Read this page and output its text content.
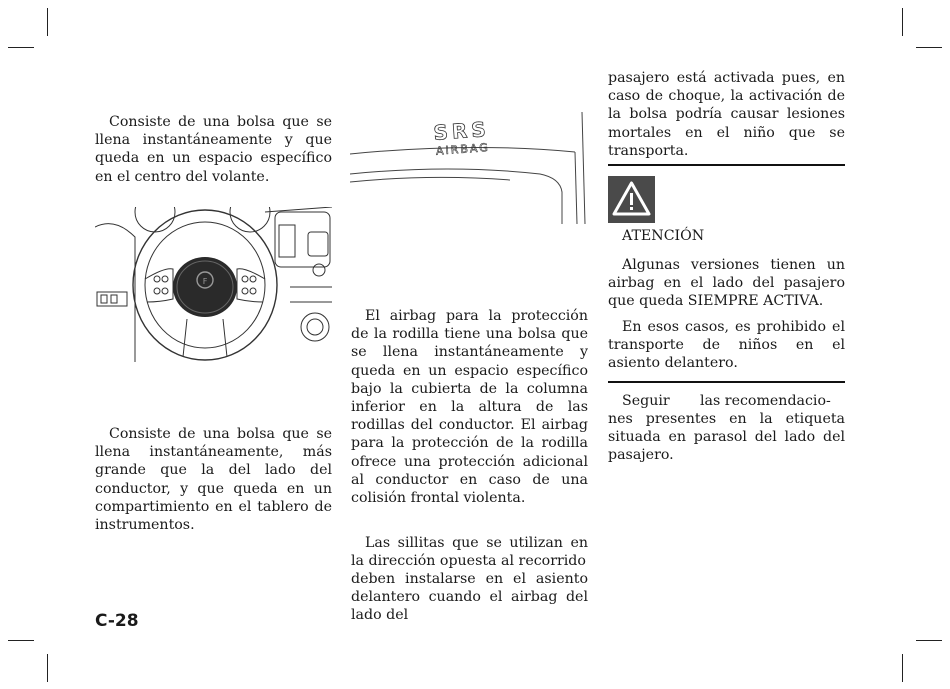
Consiste de una bolsa que se llena instantáneamente y que queda en un espacio específico en el centro del volante.

F

Consiste de una bolsa que se llena instantáneamente, más grande que la del lado del conductor, y que queda en un compartimiento en el tablero de instrumentos.

SRS
AIRBAG

El airbag para la protección de la rodilla tiene una bolsa que se llena instantáneamente y queda en un espacio específico bajo la cubierta de la columna inferior en la altura de las rodillas del conductor. El airbag para la protección de la rodilla ofrece una protección adicional al conductor en caso de una colisión frontal violenta.

Las sillitas que se utilizan en la dirección opuesta al recorrido

deben instalarse en el asiento delantero cuando el airbag del lado del

pasajero está activada pues, en caso de choque, la activación de la bolsa podría causar lesiones mortales en el niño que se transporta.

ATENCIÓN

Algunas versiones tienen un airbag en el lado del pasajero que queda SIEMPRE ACTIVA.

En esos casos, es prohibido el transporte de niños en el asiento delantero.

Seguir	las recomendacio-

nes presentes en la etiqueta situada en parasol del lado del pasajero.

C-28
